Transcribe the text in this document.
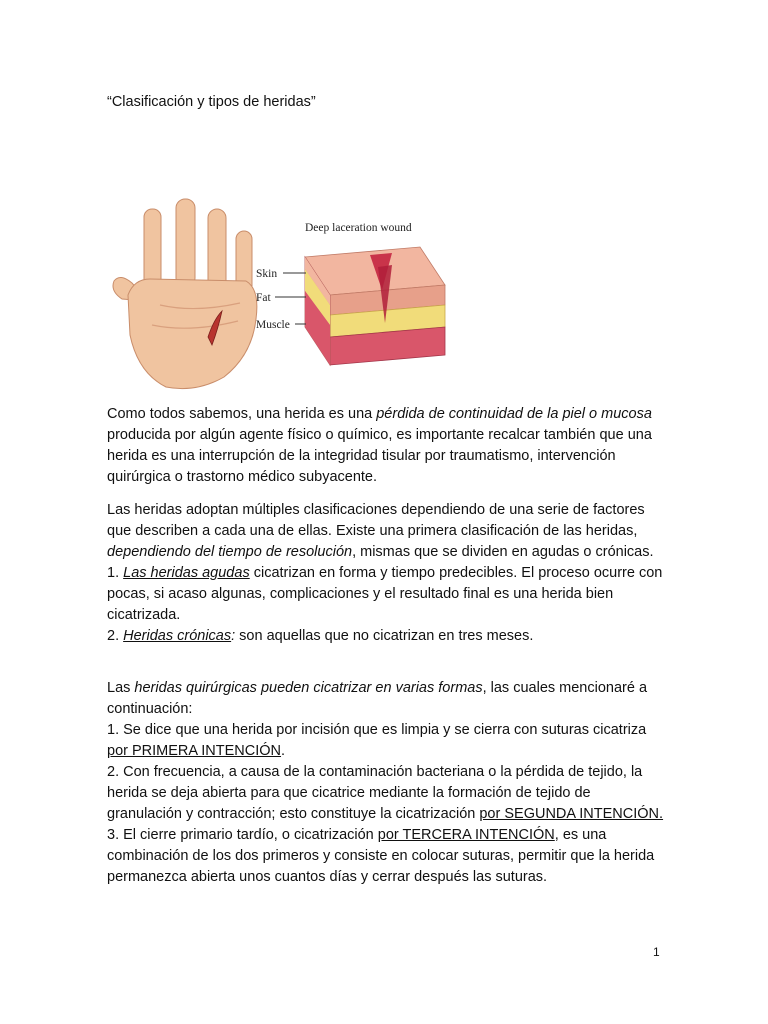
“Clasificación y tipos de heridas”
Deep laceration wound
Skin
Fat
Muscle

Como todos sabemos, una herida es una pérdida de continuidad de la piel o mucosa producida por algún agente físico o químico, es importante recalcar también que una herida es una interrupción de la integridad tisular por traumatismo, intervención quirúrgica o trastorno médico subyacente.

Las heridas adoptan múltiples clasificaciones dependiendo de una serie de factores que describen a cada una de ellas. Existe una primera clasificación de las heridas, dependiendo del tiempo de resolución, mismas que se dividen en agudas o crónicas.

1. Las heridas agudas cicatrizan en forma y tiempo predecibles. El proceso ocurre con pocas, si acaso algunas, complicaciones y el resultado final es una herida bien cicatrizada.

2. Heridas crónicas: son aquellas que no cicatrizan en tres meses.

Las heridas quirúrgicas pueden cicatrizar en varias formas, las cuales mencionaré a continuación:

1. Se dice que una herida por incisión que es limpia y se cierra con suturas cicatriza por PRIMERA INTENCIÓN.

2. Con frecuencia, a causa de la contaminación bacteriana o la pérdida de tejido, la herida se deja abierta para que cicatrice mediante la formación de tejido de granulación y contracción; esto constituye la cicatrización por SEGUNDA INTENCIÓN.

3. El cierre primario tardío, o cicatrización por TERCERA INTENCIÓN, es una combinación de los dos primeros y consiste en colocar suturas, permitir que la herida permanezca abierta unos cuantos días y cerrar después las suturas.

1
